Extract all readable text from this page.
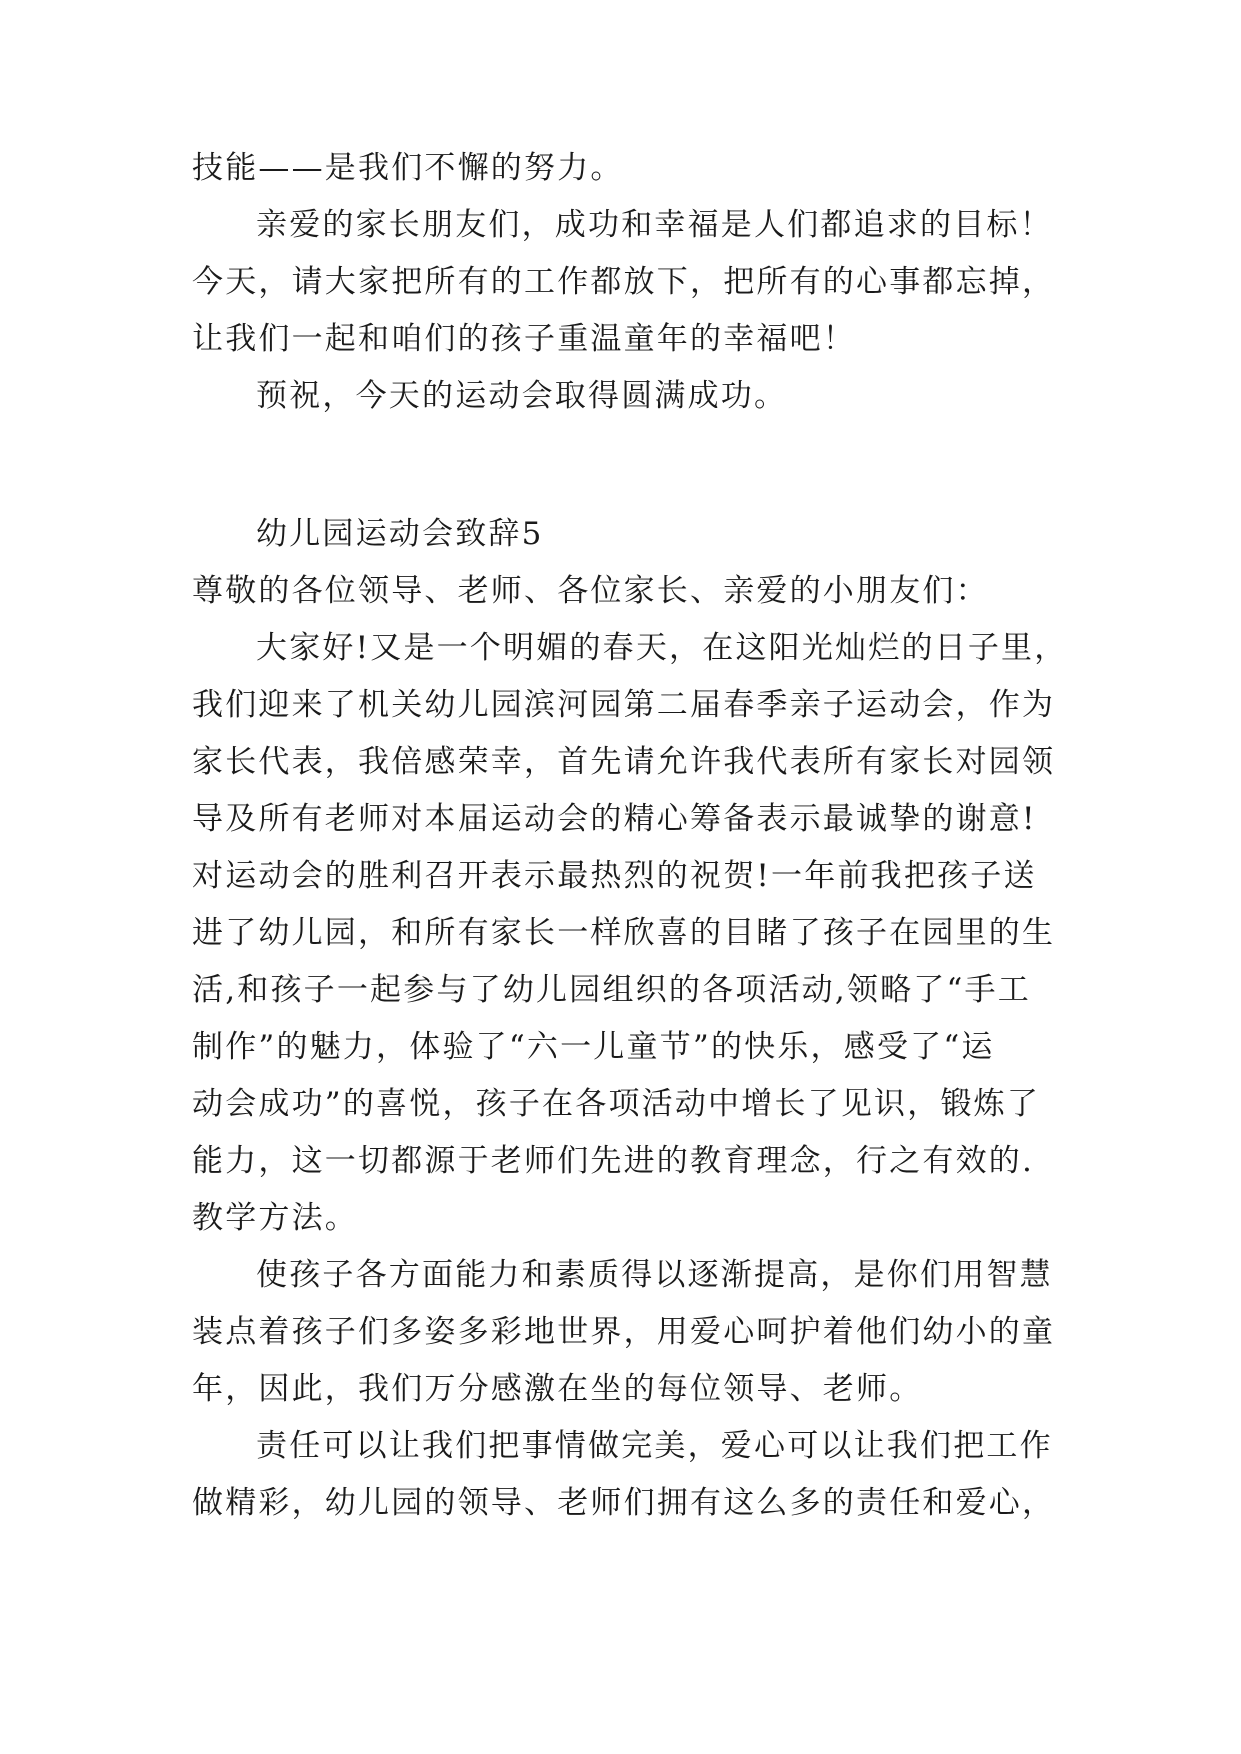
技能——是我们不懈的努力。
亲爱的家长朋友们，成功和幸福是人们都追求的目标！
今天，请大家把所有的工作都放下，把所有的心事都忘掉，
让我们一起和咱们的孩子重温童年的幸福吧！
预祝，今天的运动会取得圆满成功。
幼儿园运动会致辞5
尊敬的各位领导、老师、各位家长、亲爱的小朋友们：
大家好!又是一个明媚的春天，在这阳光灿烂的日子里，
我们迎来了机关幼儿园滨河园第二届春季亲子运动会，作为
家长代表，我倍感荣幸，首先请允许我代表所有家长对园领
导及所有老师对本届运动会的精心筹备表示最诚挚的谢意!
对运动会的胜利召开表示最热烈的祝贺!一年前我把孩子送
进了幼儿园，和所有家长一样欣喜的目睹了孩子在园里的生
活,和孩子一起参与了幼儿园组织的各项活动,领略了“手工
制作”的魅力，体验了“六一儿童节”的快乐，感受了“运
动会成功”的喜悦，孩子在各项活动中增长了见识，锻炼了
能力，这一切都源于老师们先进的教育理念，行之有效的.
教学方法。
使孩子各方面能力和素质得以逐渐提高，是你们用智慧
装点着孩子们多姿多彩地世界，用爱心呵护着他们幼小的童
年，因此，我们万分感激在坐的每位领导、老师。
责任可以让我们把事情做完美，爱心可以让我们把工作
做精彩，幼儿园的领导、老师们拥有这么多的责任和爱心，
